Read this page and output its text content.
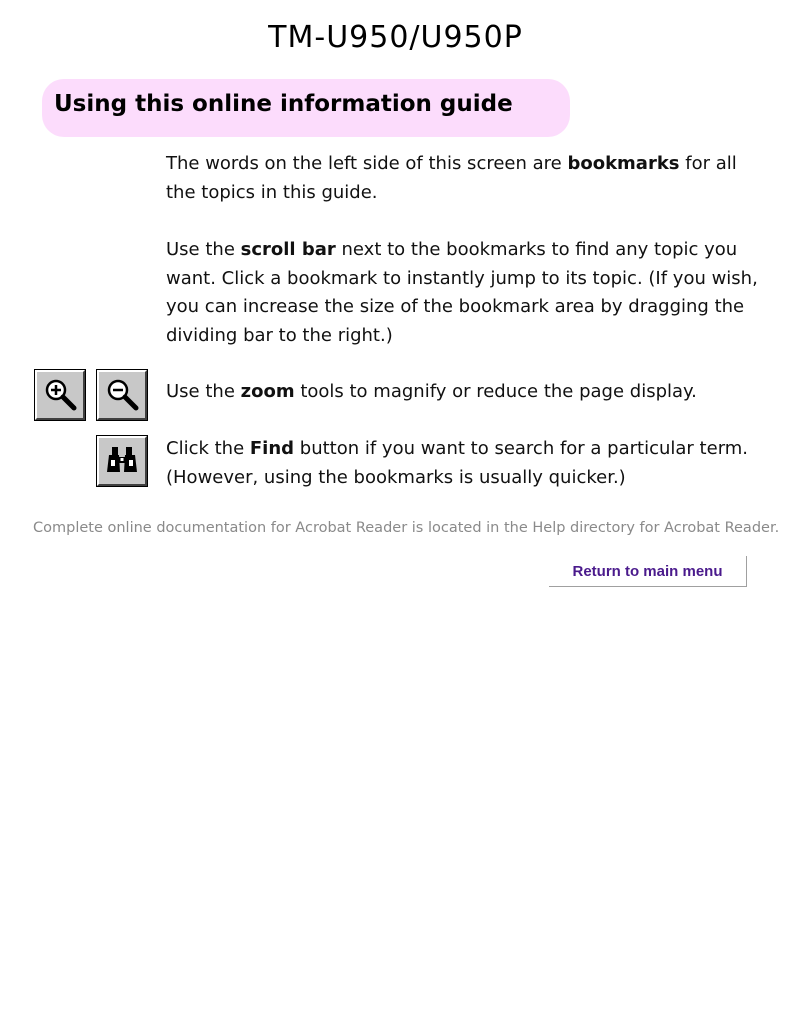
TM-U950/U950P
Using this online information guide
The words on the left side of this screen are bookmarks for all the topics in this guide.
Use the scroll bar next to the bookmarks to find any topic you want. Click a bookmark to instantly jump to its topic. (If you wish, you can increase the size of the bookmark area by dragging the dividing bar to the right.)
Use the zoom tools to magnify or reduce the page display.
Click the Find button if you want to search for a particular term. (However, using the bookmarks is usually quicker.)
Complete online documentation for Acrobat Reader is located in the Help directory for Acrobat Reader.
Return to main menu
